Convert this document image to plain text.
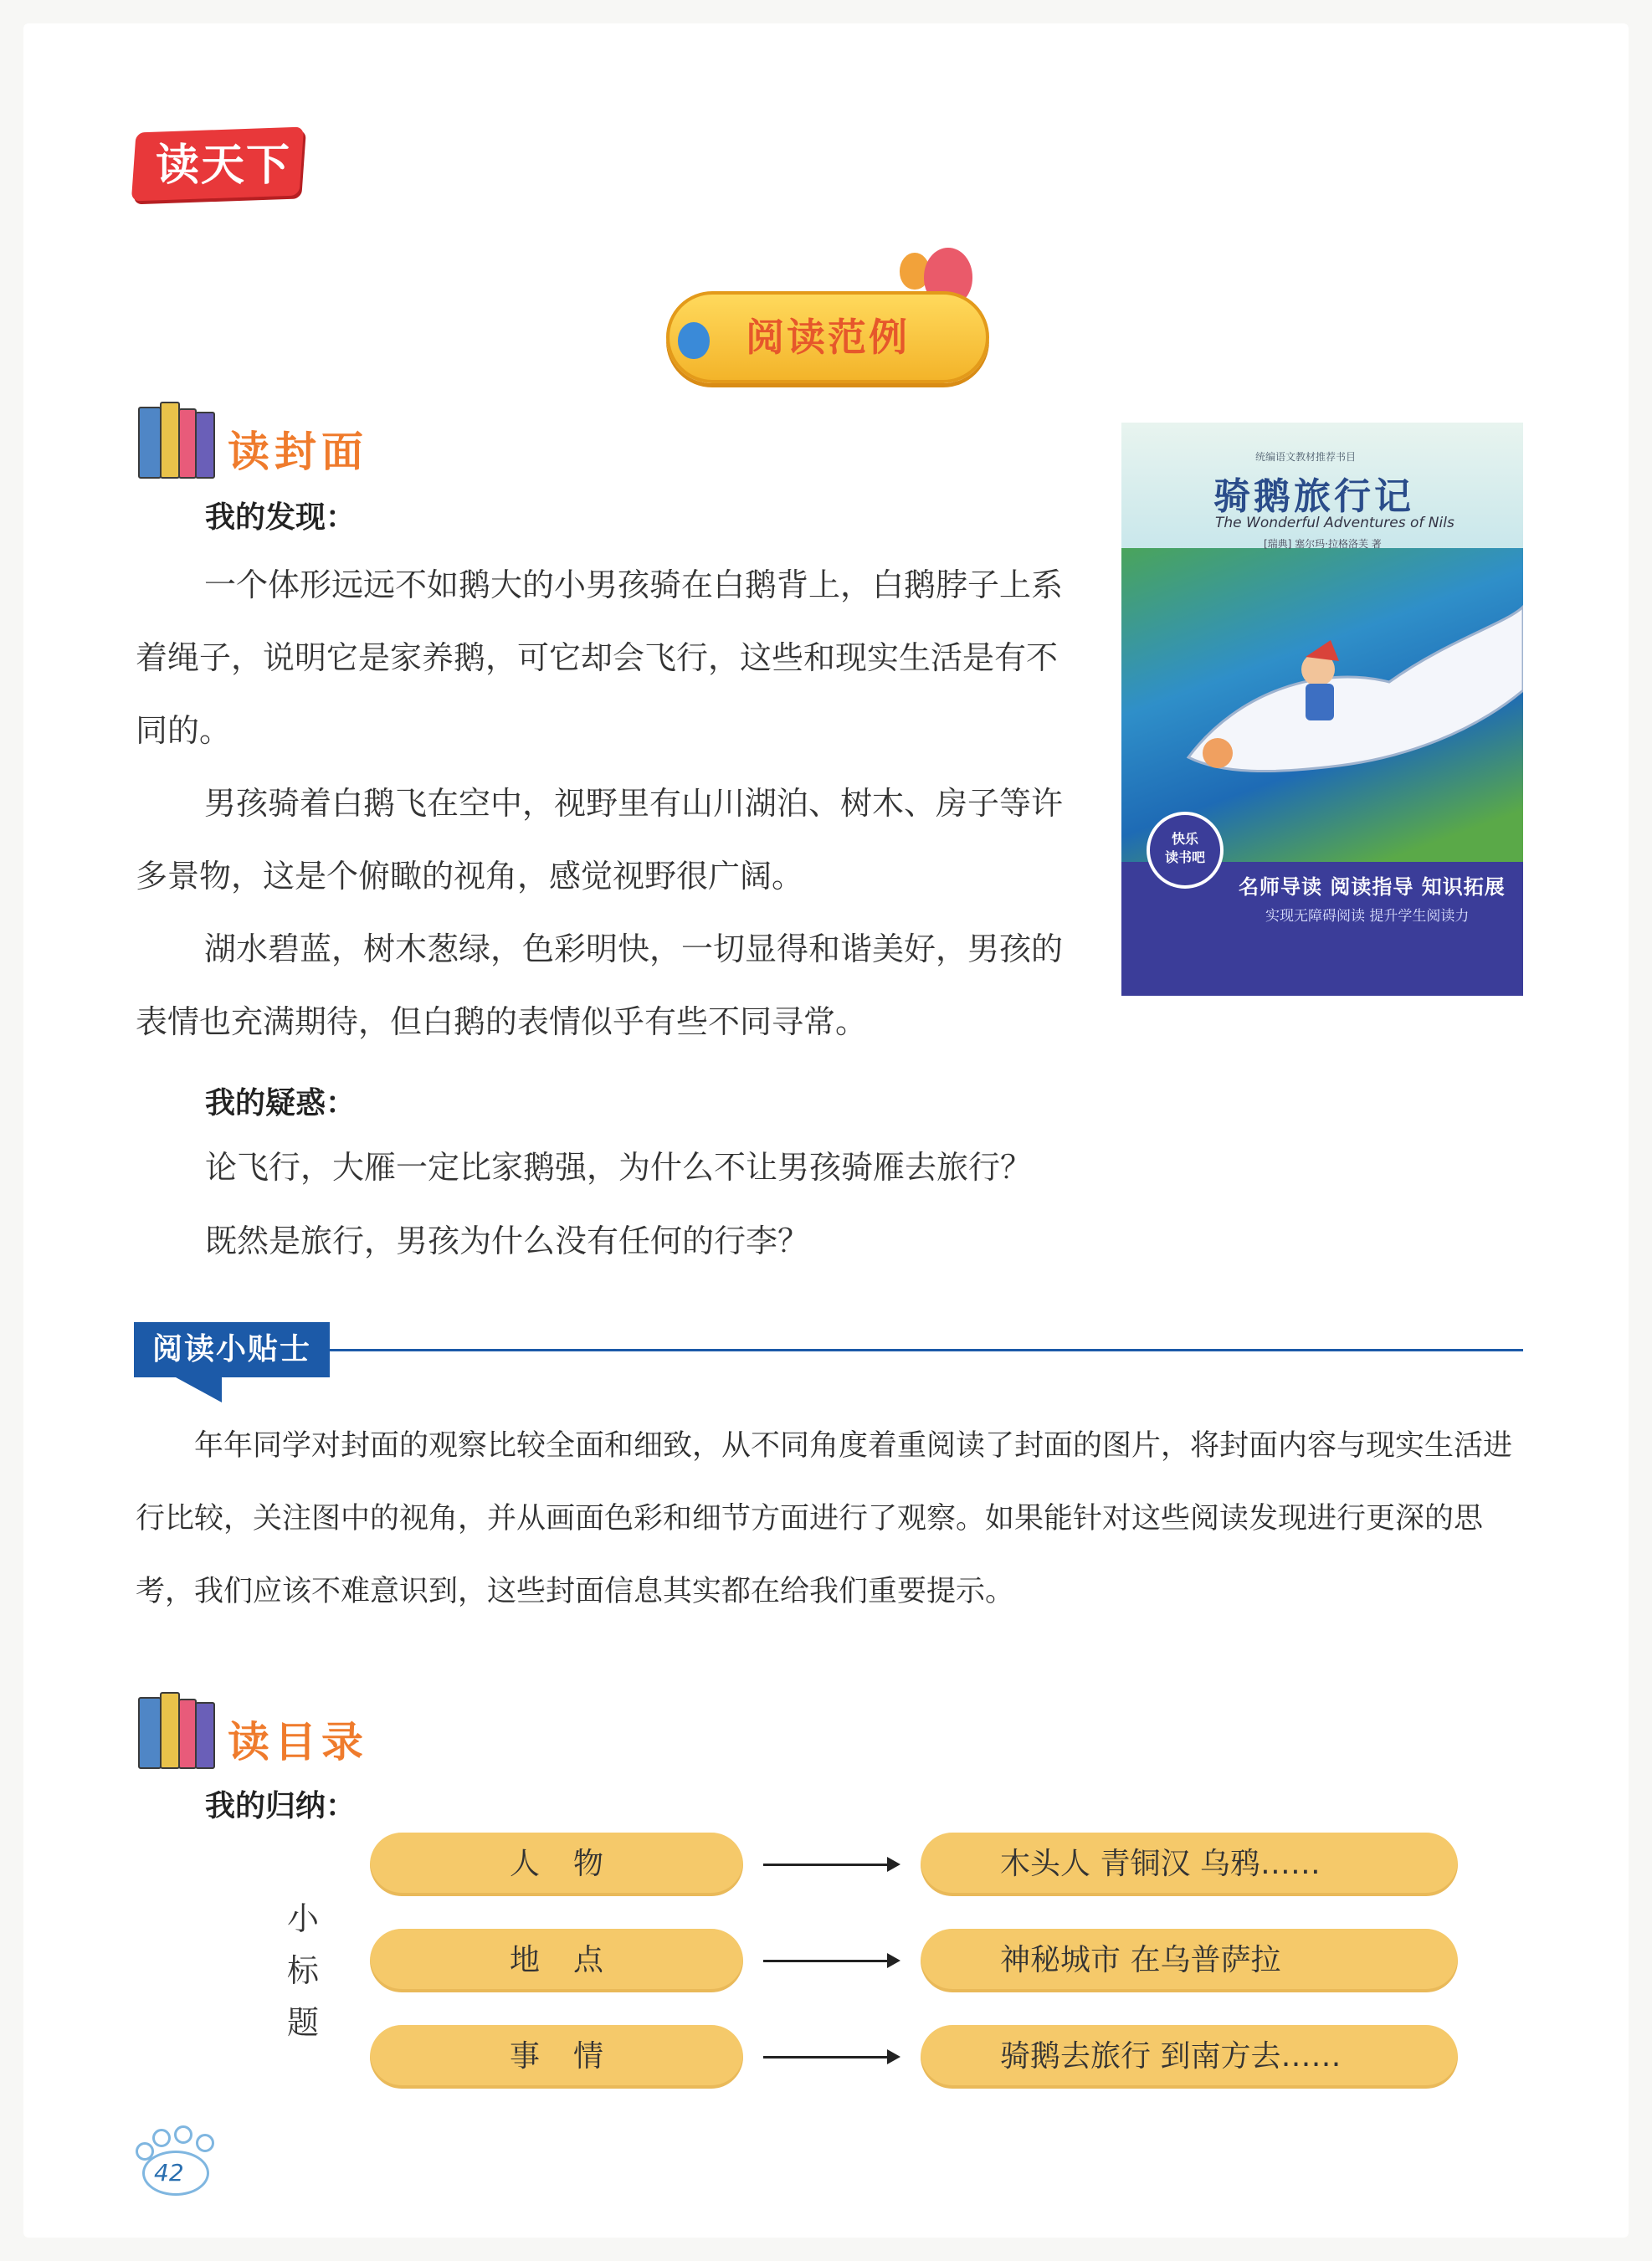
读天下
阅读范例
读封面
我的发现：

一个体形远远不如鹅大的小男孩骑在白鹅背上，白鹅脖子上系着绳子，说明它是家养鹅，可它却会飞行，这些和现实生活是有不同的。

男孩骑着白鹅飞在空中，视野里有山川湖泊、树木、房子等许多景物，这是个俯瞰的视角，感觉视野很广阔。

湖水碧蓝，树木葱绿，色彩明快，一切显得和谐美好，男孩的表情也充满期待，但白鹅的表情似乎有些不同寻常。

我的疑惑：
论飞行，大雁一定比家鹅强，为什么不让男孩骑雁去旅行？
既然是旅行，男孩为什么没有任何的行李？
统编语文教材推荐书目
骑鹅旅行记
The Wonderful Adventures of Nils
[瑞典] 塞尔玛·拉格洛芙 著
快乐
读书吧
名师导读 阅读指导 知识拓展
实现无障碍阅读 提升学生阅读力
阅读小贴士

年年同学对封面的观察比较全面和细致，从不同角度着重阅读了封面的图片，将封面内容与现实生活进行比较，关注图中的视角，并从画面色彩和细节方面进行了观察。如果能针对这些阅读发现进行更深的思考，我们应该不难意识到，这些封面信息其实都在给我们重要提示。

读目录
我的归纳：
小
标
题
人物	木头人 青铜汉 乌鸦……
地点	神秘城市 在乌普萨拉
事情	骑鹅去旅行 到南方去……
42
